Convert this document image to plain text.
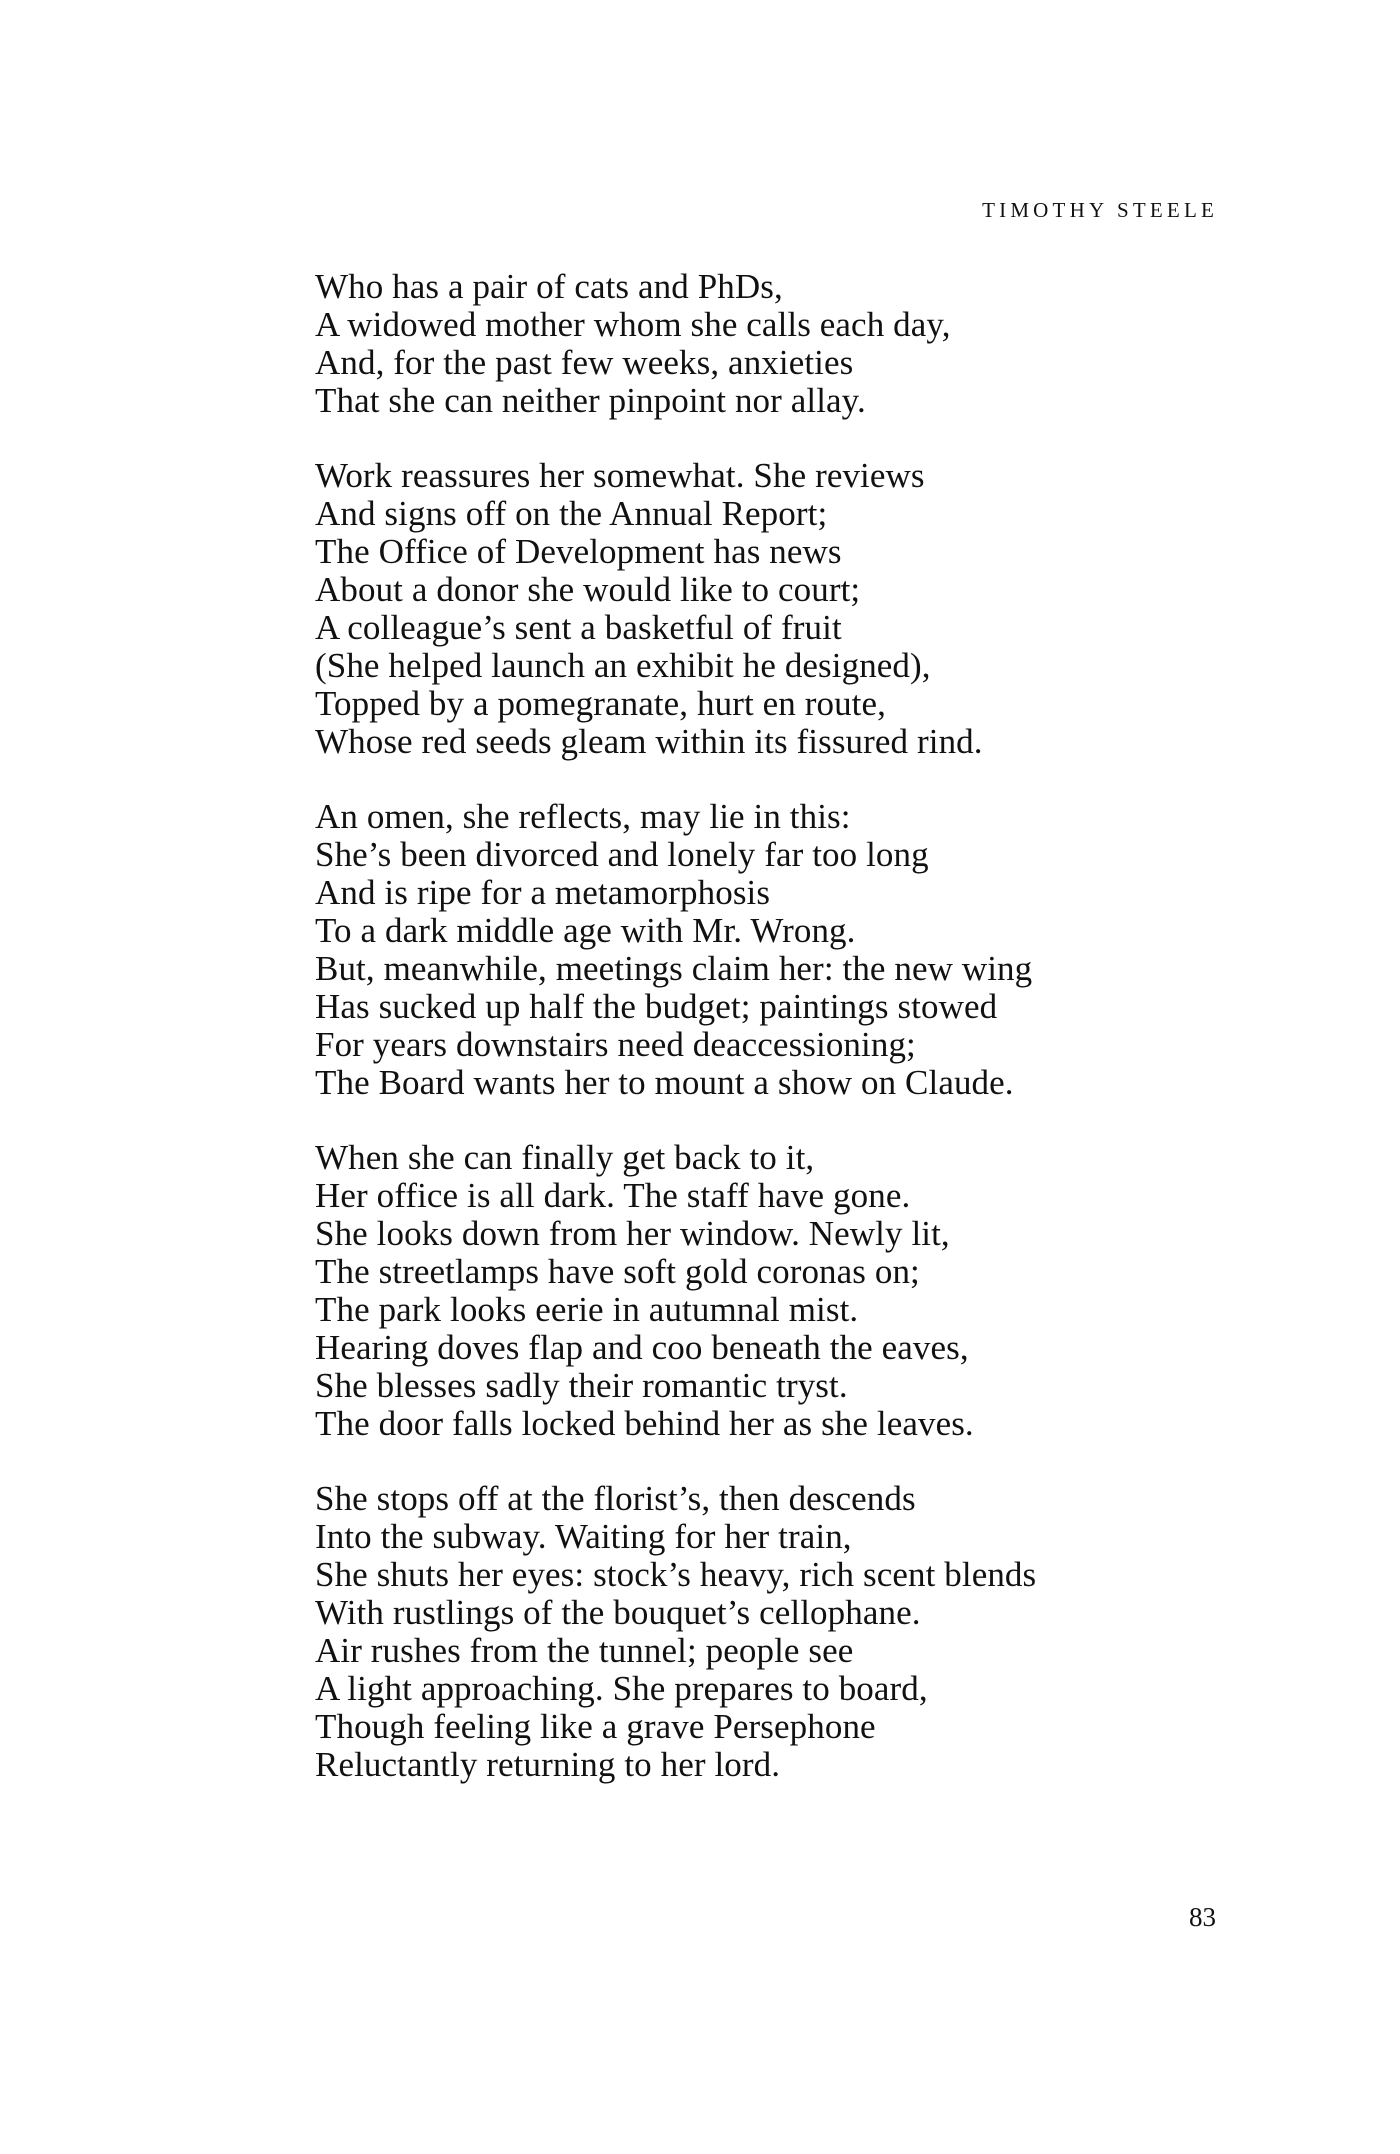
TIMOTHY STEELE
Who has a pair of cats and PhDs,
A widowed mother whom she calls each day,
And, for the past few weeks, anxieties
That she can neither pinpoint nor allay.
Work reassures her somewhat. She reviews
And signs off on the Annual Report;
The Office of Development has news
About a donor she would like to court;
A colleague’s sent a basketful of fruit
(She helped launch an exhibit he designed),
Topped by a pomegranate, hurt en route,
Whose red seeds gleam within its fissured rind.
An omen, she reflects, may lie in this:
She’s been divorced and lonely far too long
And is ripe for a metamorphosis
To a dark middle age with Mr. Wrong.
But, meanwhile, meetings claim her: the new wing
Has sucked up half the budget; paintings stowed
For years downstairs need deaccessioning;
The Board wants her to mount a show on Claude.
When she can finally get back to it,
Her office is all dark. The staff have gone.
She looks down from her window. Newly lit,
The streetlamps have soft gold coronas on;
The park looks eerie in autumnal mist.
Hearing doves flap and coo beneath the eaves,
She blesses sadly their romantic tryst.
The door falls locked behind her as she leaves.
She stops off at the florist’s, then descends
Into the subway. Waiting for her train,
She shuts her eyes: stock’s heavy, rich scent blends
With rustlings of the bouquet’s cellophane.
Air rushes from the tunnel; people see
A light approaching. She prepares to board,
Though feeling like a grave Persephone
Reluctantly returning to her lord.
83
